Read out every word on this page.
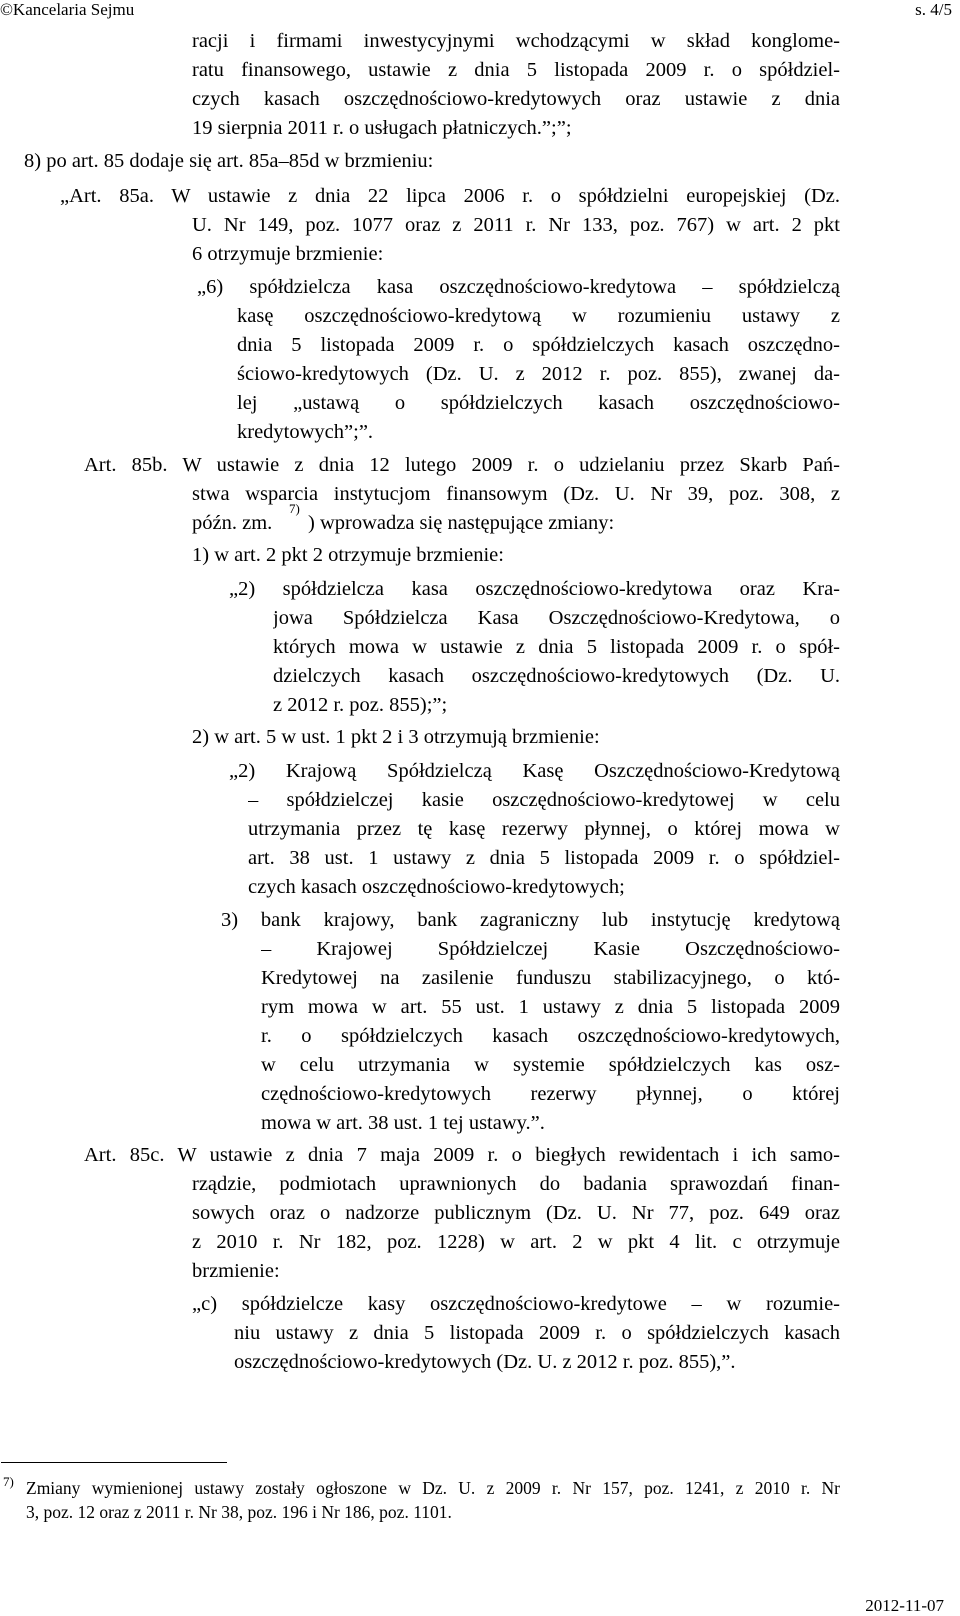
©Kancelaria Sejmu	s. 4/5
racji i firmami inwestycyjnymi wchodzącymi w skład konglome-
ratu finansowego, ustawie z dnia 5 listopada 2009 r. o spółdziel-
czych kasach oszczędnościowo-kredytowych oraz ustawie z dnia
19 sierpnia 2011 r. o usługach płatniczych.”;”;
8) po art. 85 dodaje się art. 85a–85d w brzmieniu:
„Art. 85a. W ustawie z dnia 22 lipca 2006 r. o spółdzielni europejskiej (Dz.
U. Nr 149, poz. 1077 oraz z 2011 r. Nr 133, poz. 767) w art. 2 pkt
6 otrzymuje brzmienie:
„6) spółdzielcza kasa oszczędnościowo-kredytowa – spółdzielczą
kasę oszczędnościowo-kredytową w rozumieniu ustawy z
dnia 5 listopada 2009 r. o spółdzielczych kasach oszczędno-
ściowo-kredytowych (Dz. U. z 2012 r. poz. 855), zwanej da-
lej „ustawą o spółdzielczych kasach oszczędnościowo-
kredytowych”;”.
Art. 85b. W ustawie z dnia 12 lutego 2009 r. o udzielaniu przez Skarb Pań-
stwa wsparcia instytucjom finansowym (Dz. U. Nr 39, poz. 308, z
późn. zm.
7)
) wprowadza się następujące zmiany:
1) w art. 2 pkt 2 otrzymuje brzmienie:
„2) spółdzielcza kasa oszczędnościowo-kredytowa oraz Kra-
jowa Spółdzielcza Kasa Oszczędnościowo-Kredytowa, o
których mowa w ustawie z dnia 5 listopada 2009 r. o spół-
dzielczych kasach oszczędnościowo-kredytowych (Dz. U.
z 2012 r. poz. 855);”;
2) w art. 5 w ust. 1 pkt 2 i 3 otrzymują brzmienie:
„2) Krajową Spółdzielczą Kasę Oszczędnościowo-Kredytową
– spółdzielczej kasie oszczędnościowo-kredytowej w celu
utrzymania przez tę kasę rezerwy płynnej, o której mowa w
art. 38 ust. 1 ustawy z dnia 5 listopada 2009 r. o spółdziel-
czych kasach oszczędnościowo-kredytowych;
3) bank krajowy, bank zagraniczny lub instytucję kredytową
– Krajowej Spółdzielczej Kasie Oszczędnościowo-
Kredytowej na zasilenie funduszu stabilizacyjnego, o któ-
rym mowa w art. 55 ust. 1 ustawy z dnia 5 listopada 2009
r. o spółdzielczych kasach oszczędnościowo-kredytowych,
w celu utrzymania w systemie spółdzielczych kas osz-
czędnościowo-kredytowych rezerwy płynnej, o której
mowa w art. 38 ust. 1 tej ustawy.”.
Art. 85c. W ustawie z dnia 7 maja 2009 r. o biegłych rewidentach i ich samo-
rządzie, podmiotach uprawnionych do badania sprawozdań finan-
sowych oraz o nadzorze publicznym (Dz. U. Nr 77, poz. 649 oraz
z 2010 r. Nr 182, poz. 1228) w art. 2 w pkt 4 lit. c otrzymuje
brzmienie:
„c) spółdzielcze kasy oszczędnościowo-kredytowe – w rozumie-
niu ustawy z dnia 5 listopada 2009 r. o spółdzielczych kasach
oszczędnościowo-kredytowych (Dz. U. z 2012 r. poz. 855),”.
7) Zmiany wymienionej ustawy zostały ogłoszone w Dz. U. z 2009 r. Nr 157, poz. 1241, z 2010 r. Nr
3, poz. 12 oraz z 2011 r. Nr 38, poz. 196 i Nr 186, poz. 1101.
2012-11-07
